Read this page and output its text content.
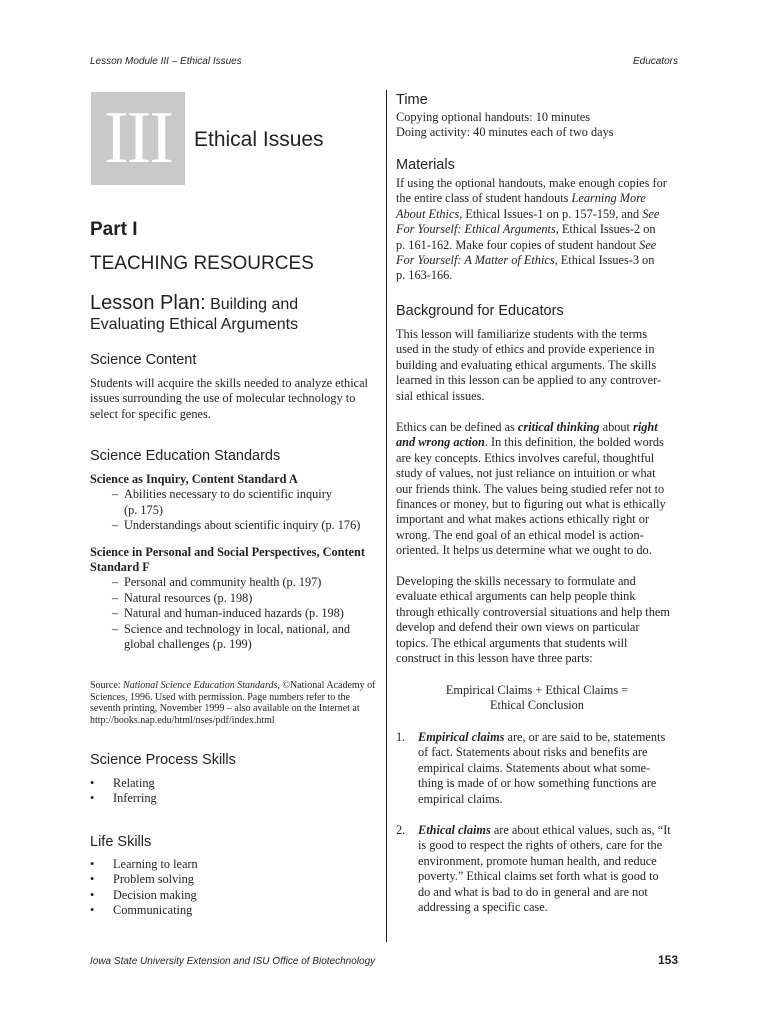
Lesson Module III – Ethical Issues	Educators
III	Ethical Issues
Part I
TEACHING RESOURCES
Lesson Plan: Building and
Evaluating Ethical Arguments
Science Content
Students will acquire the skills needed to analyze ethical
issues surrounding the use of molecular technology to
select for specific genes.
Science Education Standards
Science as Inquiry, Content Standard A
– Abilities necessary to do scientific inquiry
(p. 175)
– Understandings about scientific inquiry (p. 176)
Science in Personal and Social Perspectives, Content
Standard F
– Personal and community health (p. 197)
– Natural resources (p. 198)
– Natural and human-induced hazards (p. 198)
– Science and technology in local, national, and
global challenges (p. 199)
Source: National Science Education Standards, ©National Academy of
Sciences, 1996. Used with permission. Page numbers refer to the
seventh printing, November 1999 – also available on the Internet at
http://books.nap.edu/html/nses/pdf/index.html
Science Process Skills
• Relating
• Inferring
Life Skills
• Learning to learn
• Problem solving
• Decision making
• Communicating
Time
Copying optional handouts: 10 minutes
Doing activity: 40 minutes each of two days
Materials
If using the optional handouts, make enough copies for
the entire class of student handouts Learning More
About Ethics, Ethical Issues-1 on p. 157-159, and See
For Yourself: Ethical Arguments, Ethical Issues-2 on
p. 161-162. Make four copies of student handout See
For Yourself: A Matter of Ethics, Ethical Issues-3 on
p. 163-166.
Background for Educators
This lesson will familiarize students with the terms
used in the study of ethics and provide experience in
building and evaluating ethical arguments. The skills
learned in this lesson can be applied to any controver-
sial ethical issues.
Ethics can be defined as critical thinking about right
and wrong action. In this definition, the bolded words
are key concepts. Ethics involves careful, thoughtful
study of values, not just reliance on intuition or what
our friends think. The values being studied refer not to
finances or money, but to figuring out what is ethically
important and what makes actions ethically right or
wrong. The end goal of an ethical model is action-
oriented. It helps us determine what we ought to do.
Developing the skills necessary to formulate and
evaluate ethical arguments can help people think
through ethically controversial situations and help them
develop and defend their own views on particular
topics. The ethical arguments that students will
construct in this lesson have three parts:
Empirical Claims + Ethical Claims =
Ethical Conclusion
1. Empirical claims are, or are said to be, statements
of fact. Statements about risks and benefits are
empirical claims. Statements about what some-
thing is made of or how something functions are
empirical claims.
2. Ethical claims are about ethical values, such as, “It
is good to respect the rights of others, care for the
environment, promote human health, and reduce
poverty.” Ethical claims set forth what is good to
do and what is bad to do in general and are not
addressing a specific case.
Iowa State University Extension and ISU Office of Biotechnology	153
